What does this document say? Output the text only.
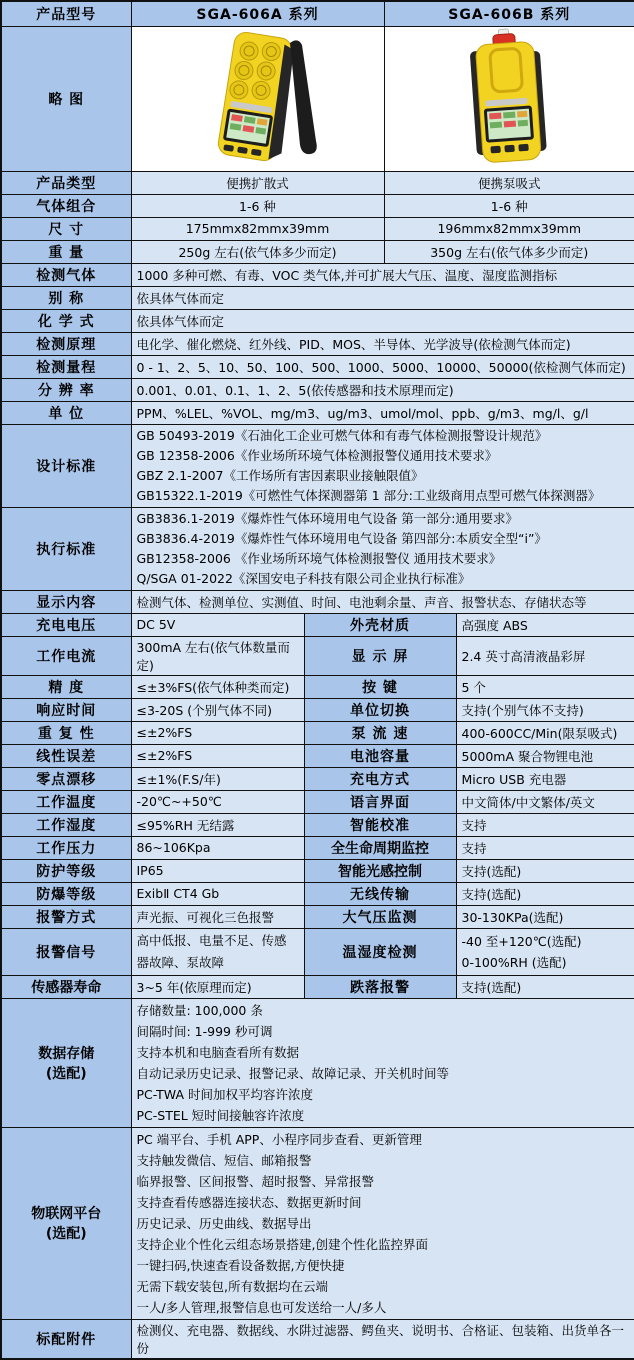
产品型号	SGA-606A 系列		SGA-606B 系列	
略 图		
产品类型	便携扩散式		便携泵吸式	
气体组合	1-6 种		1-6 种	
尺 寸	175mmx82mmx39mm		196mmx82mmx39mm	
重 量	250g 左右(依气体多少而定)		350g 左右(依气体多少而定)	
检测气体	1000 多种可燃、有毒、VOC 类气体,并可扩展大气压、温度、湿度监测指标			
别 称	依具体气体而定			
化 学 式	依具体气体而定			
检测原理	电化学、催化燃烧、红外线、PID、MOS、半导体、光学波导(依检测气体而定)			
检测量程	0 - 1、2、5、10、50、100、500、1000、5000、10000、50000(依检测气体而定)			
分 辨 率	0.001、0.01、0.1、1、2、5(依传感器和技术原理而定)			
单 位	PPM、%LEL、%VOL、mg/m3、ug/m3、umol/mol、ppb、g/m3、mg/l、g/l			
设计标准	GB 50493-2019《石油化工企业可燃气体和有毒气体检测报警设计规范》
GB 12358-2006《作业场所环境气体检测报警仪通用技术要求》
GBZ 2.1-2007《工作场所有害因素职业接触限值》
GB15322.1-2019《可燃性气体探测器第 1 部分:工业级商用点型可燃气体探测器》			

执行标准	GB3836.1-2019《爆炸性气体环境用电气设备 第一部分:通用要求》
GB3836.4-2019《爆炸性气体环境用电气设备 第四部分:本质安全型“i”》
GB12358-2006 《作业场所环境气体检测报警仪 通用技术要求》
Q/SGA 01-2022《深国安电子科技有限公司企业执行标准》			

显示内容	检测气体、检测单位、实测值、时间、电池剩余量、声音、报警状态、存储状态等			
充电电压	DC 5V	外壳材质		高强度 ABS
工作电流	300mA 左右(依气体数量而定)	显 示 屏		2.4 英寸高清液晶彩屏
精 度	≤±3%FS(依气体种类而定)	按 键		5 个
响应时间	≤3-20S (个别气体不同)	单位切换		支持(个别气体不支持)
重 复 性	≤±2%FS	泵 流 速		400-600CC/Min(限泵吸式)
线性误差	≤±2%FS	电池容量		5000mA 聚合物锂电池
零点漂移	≤±1%(F.S/年)	充电方式		Micro USB 充电器
工作温度	-20℃~+50℃	语言界面		中文简体/中文繁体/英文
工作湿度	≤95%RH 无结露	智能校准		支持
工作压力	86~106Kpa	全生命周期监控		支持
防护等级	IP65	智能光感控制		支持(选配)
防爆等级	ExibⅡ CT4 Gb	无线传输		支持(选配)
报警方式	声光振、可视化三色报警	大气压监测		30-130KPa(选配)
报警信号	高中低报、电量不足、传感器故障、泵故障	温湿度检测		-40 至+120℃(选配)
0-100%RH (选配)

传感器寿命	3~5 年(依原理而定)	跌落报警		支持(选配)

数据存储
(选配)

存储数量: 100,000 条
间隔时间: 1-999 秒可调
支持本机和电脑查看所有数据
自动记录历史记录、报警记录、故障记录、开关机时间等
PC-TWA 时间加权平均容许浓度
PC-STEL 短时间接触容许浓度

物联网平台
(选配)

PC 端平台、手机 APP、小程序同步查看、更新管理
支持触发微信、短信、邮箱报警
临界报警、区间报警、超时报警、异常报警
支持查看传感器连接状态、数据更新时间
历史记录、历史曲线、数据导出
支持企业个性化云组态场景搭建,创建个性化监控界面
一键扫码,快速查看设备数据,方便快捷
无需下载安装包,所有数据均在云端
一人/多人管理,报警信息也可发送给一人/多人

标配附件	检测仪、充电器、数据线、水阱过滤器、鳄鱼夹、说明书、合格证、包装箱、出货单各一份			
